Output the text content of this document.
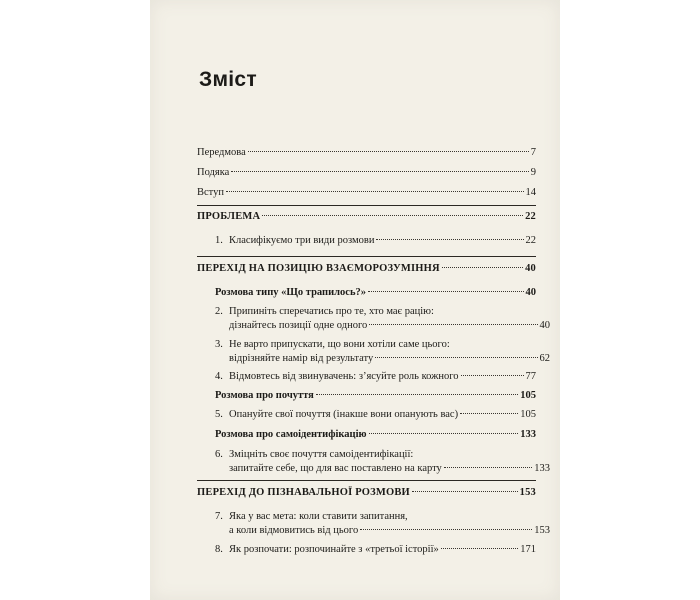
Зміст
Передмова	7
Подяка	9
Вступ	14
ПРОБЛЕМА	22
1. Класифікуємо три види розмови	22
ПЕРЕХІД НА ПОЗИЦІЮ ВЗАЄМОРОЗУМІННЯ	40
Розмова типу «Що трапилось?»	40
2. Припиніть сперечатись про те, хто має рацію:
дізнайтесь позиції одне одного	40
3. Не варто припускати, що вони хотіли саме цього:
відрізняйте намір від результату	62
4. Відмовтесь від звинувачень: з’ясуйте роль кожного	77
Розмова про почуття	105
5. Опануйте свої почуття (інакше вони опанують вас)	105
Розмова про самоідентифікацію	133
6. Зміцніть своє почуття самоідентифікації:
запитайте себе, що для вас поставлено на карту	133
ПЕРЕХІД ДО ПІЗНАВАЛЬНОЇ РОЗМОВИ	153
7. Яка у вас мета: коли ставити запитання,
а коли відмовитись від цього	153
8. Як розпочати: розпочинайте з «третьої історії»	171
